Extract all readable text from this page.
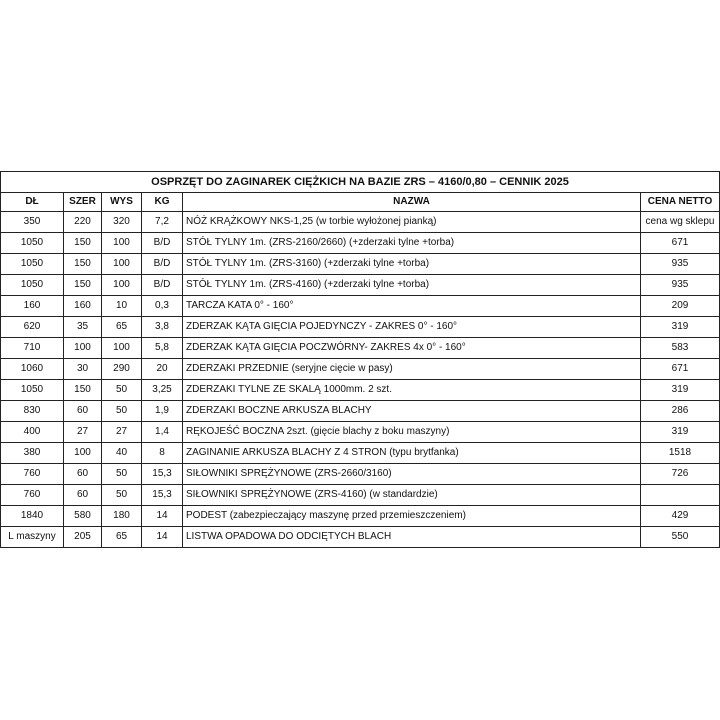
OSPRZĘT DO ZAGINAREK CIĘŻKICH NA BAZIE ZRS – 4160/0,80 – CENNIK 2025					
DŁ	SZER	WYS	KG	NAZWA	CENA NETTO
350	220	320	7,2	NÓŻ KRĄŻKOWY NKS-1,25 (w torbie wyłożonej pianką)	cena wg sklepu
1050	150	100	B/D	STÓŁ TYLNY 1m. (ZRS-2160/2660) (+zderzaki tylne +torba)	671
1050	150	100	B/D	STÓŁ TYLNY 1m. (ZRS-3160) (+zderzaki tylne +torba)	935
1050	150	100	B/D	STÓŁ TYLNY 1m. (ZRS-4160) (+zderzaki tylne +torba)	935
160	160	10	0,3	TARCZA KATA 0° - 160°	209
620	35	65	3,8	ZDERZAK KĄTA GIĘCIA POJEDYNCZY - ZAKRES 0° - 160°	319
710	100	100	5,8	ZDERZAK KĄTA GIĘCIA POCZWÓRNY- ZAKRES 4x 0° - 160°	583
1060	30	290	20	ZDERZAKI PRZEDNIE (seryjne cięcie w pasy)	671
1050	150	50	3,25	ZDERZAKI TYLNE ZE SKALĄ 1000mm. 2 szt.	319
830	60	50	1,9	ZDERZAKI BOCZNE ARKUSZA BLACHY	286
400	27	27	1,4	RĘKOJEŚĆ BOCZNA 2szt. (gięcie blachy z boku maszyny)	319
380	100	40	8	ZAGINANIE ARKUSZA BLACHY Z 4 STRON (typu brytfanka)	1518
760	60	50	15,3	SIŁOWNIKI SPRĘŻYNOWE (ZRS-2660/3160)	726
760	60	50	15,3	SIŁOWNIKI SPRĘŻYNOWE (ZRS-4160) (w standardzie)	
1840	580	180	14	PODEST (zabezpieczający maszynę przed przemieszczeniem)	429
L maszyny	205	65	14	LISTWA OPADOWA DO ODCIĘTYCH BLACH	550
